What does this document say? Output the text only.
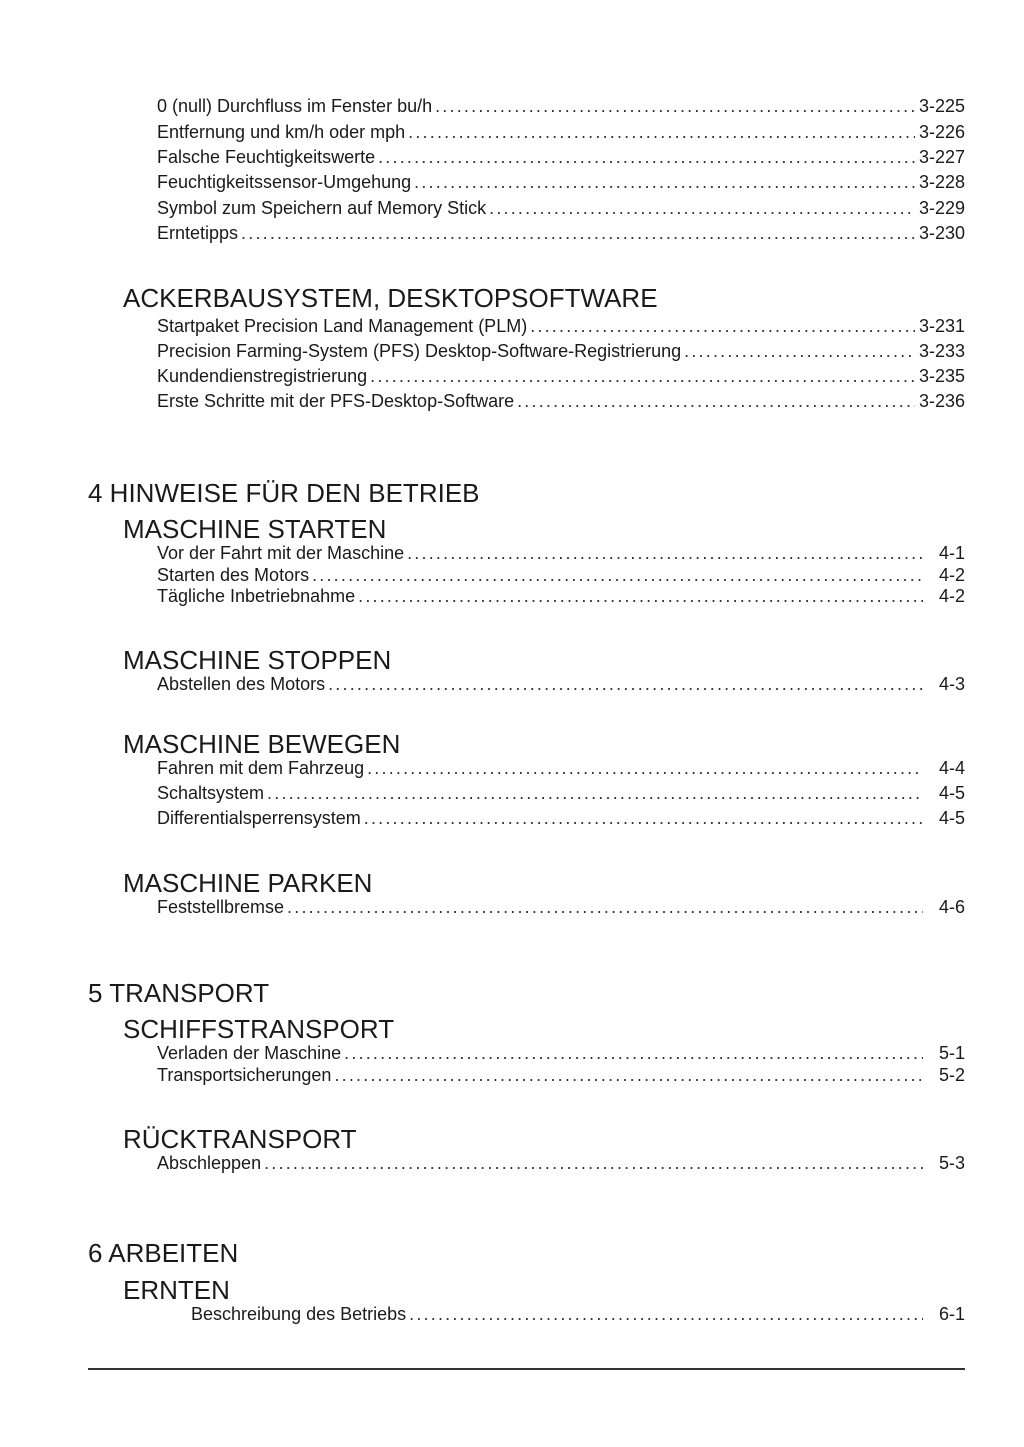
0 (null) Durchfluss im Fenster bu/h .....	3-225
Entfernung und km/h oder mph .....	3-226
Falsche Feuchtigkeitswerte .....	3-227
Feuchtigkeitssensor-Umgehung .....	3-228
Symbol zum Speichern auf Memory Stick .....	3-229
Erntetipps .....	3-230
ACKERBAUSYSTEM, DESKTOPSOFTWARE
Startpaket Precision Land Management (PLM) .....	3-231
Precision Farming-System (PFS) Desktop-Software-Registrierung .....	3-233
Kundendienstregistrierung .....	3-235
Erste Schritte mit der PFS-Desktop-Software .....	3-236
4 HINWEISE FÜR DEN BETRIEB
MASCHINE STARTEN
Vor der Fahrt mit der Maschine .....	4-1
Starten des Motors .....	4-2
Tägliche Inbetriebnahme .....	4-2
MASCHINE STOPPEN
Abstellen des Motors .....	4-3
MASCHINE BEWEGEN
Fahren mit dem Fahrzeug .....	4-4
Schaltsystem .....	4-5
Differentialsperrensystem .....	4-5
MASCHINE PARKEN
Feststellbremse .....	4-6
5 TRANSPORT
SCHIFFSTRANSPORT
Verladen der Maschine .....	5-1
Transportsicherungen .....	5-2
RÜCKTRANSPORT
Abschleppen .....	5-3
6 ARBEITEN
ERNTEN
Beschreibung des Betriebs .....	6-1
